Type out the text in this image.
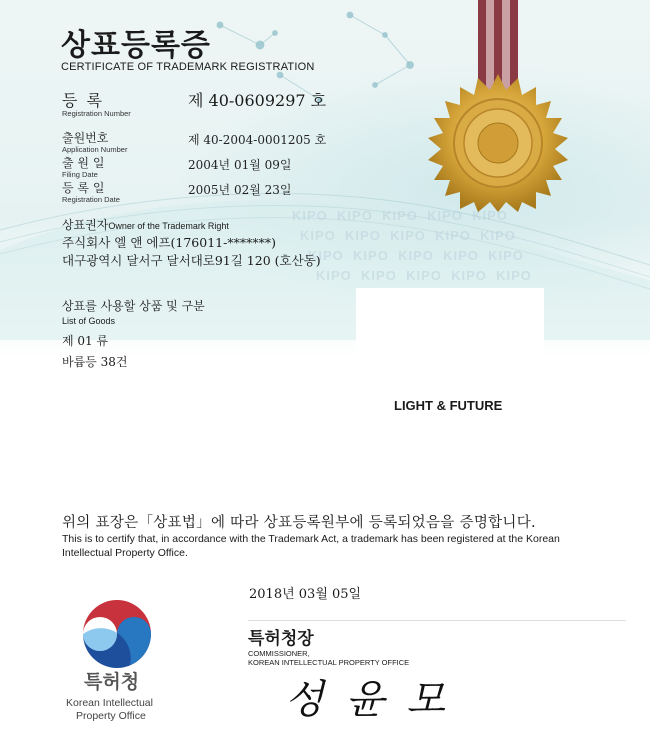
KIPO KIPO KIPO KIPO KIPO
KIPO KIPO KIPO KIPO KIPO
KIPO KIPO KIPO KIPO KIPO
KIPO KIPO KIPO KIPO KIPO
상표등록증
CERTIFICATE OF TRADEMARK REGISTRATION
등 록
Registration Number
제 40-0609297 호
출원번호
Application Number
제 40-2004-0001205 호
출 원 일
Filing Date
2004년 01월 09일
등 록 일
Registration Date
2005년 02월 23일
상표권자Owner of the Trademark Right
주식회사 엘 앤 에프(176011-*******)
대구광역시 달서구 달서대로91길 120 (호산동)
상표를 사용할 상품 및 구분
List of Goods
제 01 류
바륨등 38건
LIGHT & FUTURE
위의 표장은「상표법」에 따라 상표등록원부에 등록되었음을 증명합니다.
This is to certify that, in accordance with the Trademark Act, a trademark has been registered at the Korean
Intellectual Property Office.
2018년 03월 05일
특허청장
COMMISSIONER,
KOREAN INTELLECTUAL PROPERTY OFFICE
성윤모
특허청
Korean Intellectual
Property Office
